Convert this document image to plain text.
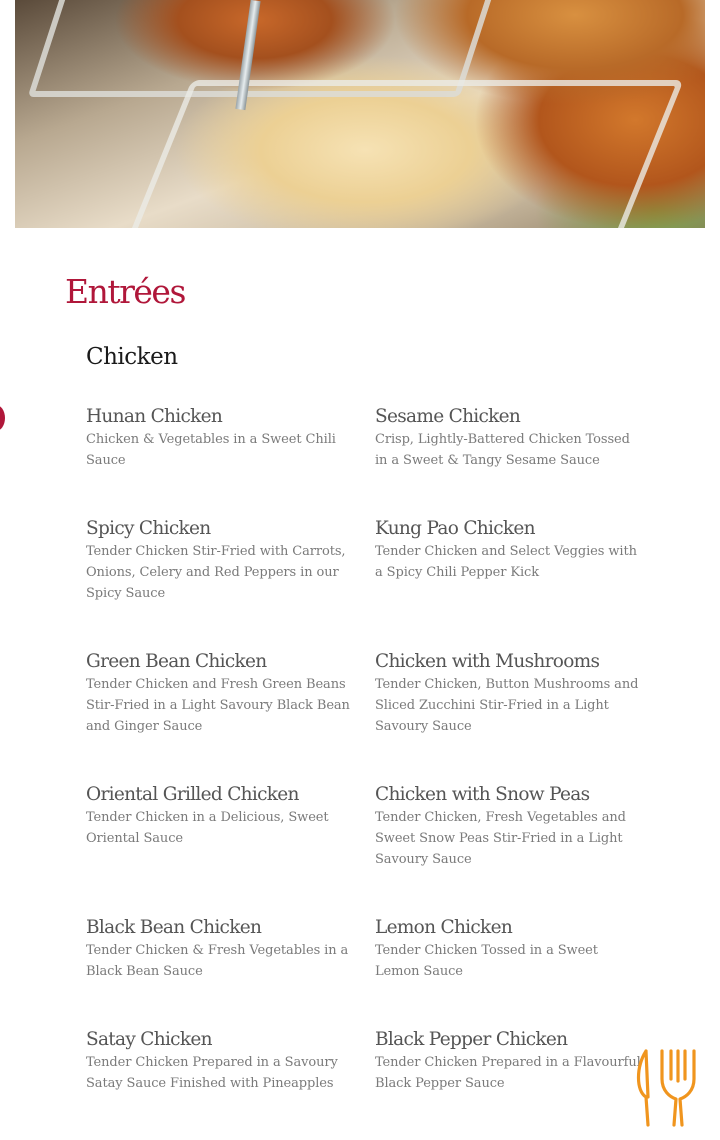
Entrées
Chicken

Hunan Chicken

Chicken & Vegetables in a Sweet Chili Sauce

Sesame Chicken

Crisp, Lightly-Battered Chicken Tossed in a Sweet & Tangy Sesame Sauce

Spicy Chicken

Tender Chicken Stir-Fried with Carrots, Onions, Celery and Red Peppers in our Spicy Sauce

Kung Pao Chicken

Tender Chicken and Select Veggies with a Spicy Chili Pepper Kick

Green Bean Chicken

Tender Chicken and Fresh Green Beans Stir-Fried in a Light Savoury Black Bean and Ginger Sauce

Chicken with Mushrooms

Tender Chicken, Button Mushrooms and Sliced Zucchini Stir-Fried in a Light Savoury Sauce

Oriental Grilled Chicken

Tender Chicken in a Delicious, Sweet Oriental Sauce

Chicken with Snow Peas

Tender Chicken, Fresh Vegetables and Sweet Snow Peas Stir-Fried in a Light Savoury Sauce

Black Bean Chicken

Tender Chicken & Fresh Vegetables in a Black Bean Sauce

Lemon Chicken

Tender Chicken Tossed in a Sweet Lemon Sauce

Satay Chicken

Tender Chicken Prepared in a Savoury Satay Sauce Finished with Pineapples

Black Pepper Chicken

Tender Chicken Prepared in a Flavourful Black Pepper Sauce
